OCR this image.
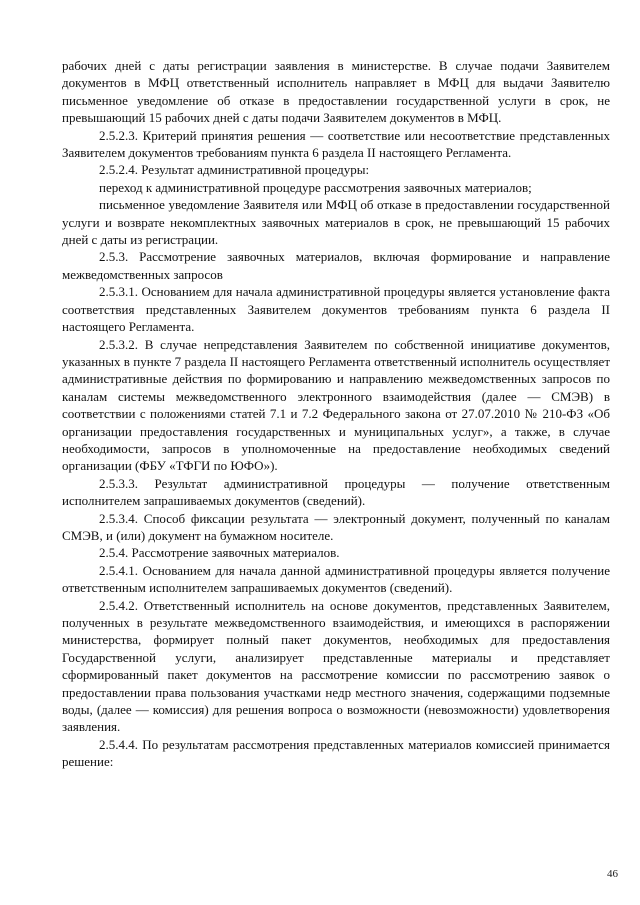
рабочих дней с даты регистрации заявления в министерстве. В случае подачи Заявителем документов в МФЦ ответственный исполнитель направляет в МФЦ для выдачи Заявителю письменное уведомление об отказе в предоставлении государственной услуги в срок, не превышающий 15 рабочих дней с даты подачи Заявителем документов в МФЦ.

2.5.2.3. Критерий принятия решения — соответствие или несоответствие представленных Заявителем документов требованиям пункта 6 раздела II настоящего Регламента.

2.5.2.4. Результат административной процедуры:

переход к административной процедуре рассмотрения заявочных материалов;

письменное уведомление Заявителя или МФЦ об отказе в предоставлении государственной услуги и возврате некомплектных заявочных материалов в срок, не превышающий 15 рабочих дней с даты из регистрации.

2.5.3. Рассмотрение заявочных материалов, включая формирование и направление межведомственных запросов

2.5.3.1. Основанием для начала административной процедуры является установление факта соответствия представленных Заявителем документов требованиям пункта 6 раздела II настоящего Регламента.

2.5.3.2. В случае непредставления Заявителем по собственной инициативе документов, указанных в пункте 7 раздела II настоящего Регламента ответственный исполнитель осуществляет административные действия по формированию и направлению межведомственных запросов по каналам системы межведомственного электронного взаимодействия (далее — СМЭВ) в соответствии с положениями статей 7.1 и 7.2 Федерального закона от 27.07.2010 № 210-ФЗ «Об организации предоставления государственных и муниципальных услуг», а также, в случае необходимости, запросов в уполномоченные на предоставление необходимых сведений организации (ФБУ «ТФГИ по ЮФО»).

2.5.3.3. Результат административной процедуры — получение ответственным исполнителем запрашиваемых документов (сведений).

2.5.3.4. Способ фиксации результата — электронный документ, полученный по каналам СМЭВ, и (или) документ на бумажном носителе.

2.5.4. Рассмотрение заявочных материалов.

2.5.4.1. Основанием для начала данной административной процедуры является получение ответственным исполнителем запрашиваемых документов (сведений).

2.5.4.2. Ответственный исполнитель на основе документов, представленных Заявителем, полученных в результате межведомственного взаимодействия, и имеющихся в распоряжении министерства, формирует полный пакет документов, необходимых для предоставления Государственной услуги, анализирует представленные материалы и представляет сформированный пакет документов на рассмотрение комиссии по рассмотрению заявок о предоставлении права пользования участками недр местного значения, содержащими подземные воды, (далее — комиссия) для решения вопроса о возможности (невозможности) удовлетворения заявления.

2.5.4.4. По результатам рассмотрения представленных материалов комиссией принимается решение:

46
